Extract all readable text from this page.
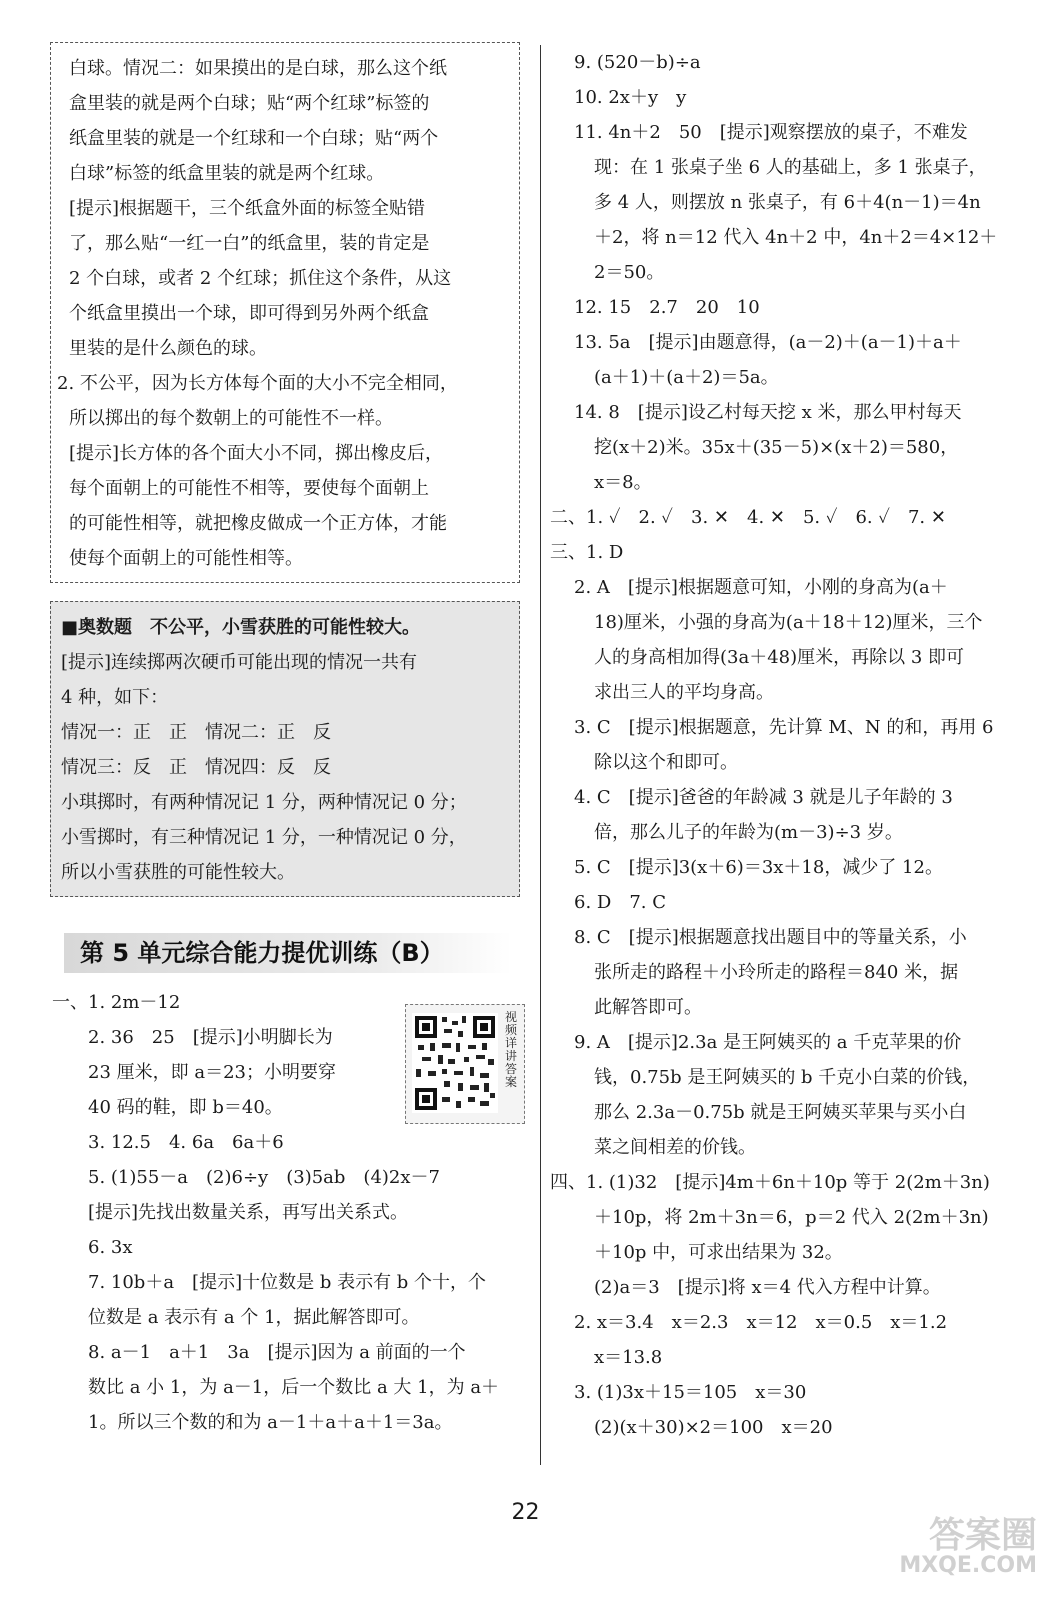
白球。情况二：如果摸出的是白球，那么这个纸
盒里装的就是两个白球；贴“两个红球”标签的
纸盒里装的就是一个红球和一个白球；贴“两个
白球”标签的纸盒里装的就是两个红球。
[提示]根据题干，三个纸盒外面的标签全贴错
了，那么贴“一红一白”的纸盒里，装的肯定是
2 个白球，或者 2 个红球；抓住这个条件，从这
个纸盒里摸出一个球，即可得到另外两个纸盒
里装的是什么颜色的球。
2. 不公平，因为长方体每个面的大小不完全相同，
所以掷出的每个数朝上的可能性不一样。
[提示]长方体的各个面大小不同，掷出橡皮后，
每个面朝上的可能性不相等，要使每个面朝上
的可能性相等，就把橡皮做成一个正方体，才能
使每个面朝上的可能性相等。
■奥数题　不公平，小雪获胜的可能性较大。
[提示]连续掷两次硬币可能出现的情况一共有
4 种，如下：
情况一：正　正　情况二：正　反
情况三：反　正　情况四：反　反
小琪掷时，有两种情况记 1 分，两种情况记 0 分；
小雪掷时，有三种情况记 1 分，一种情况记 0 分，
所以小雪获胜的可能性较大。
第 5 单元综合能力提优训练（B）
一、1. 2m－12
2. 36　25　[提示]小明脚长为
23 厘米，即 a＝23；小明要穿
40 码的鞋，即 b＝40。
3. 12.5　4. 6a　6a＋6
5. (1)55－a　(2)6÷y　(3)5ab　(4)2x－7
[提示]先找出数量关系，再写出关系式。
6. 3x
7. 10b＋a　[提示]十位数是 b 表示有 b 个十，个
位数是 a 表示有 a 个 1，据此解答即可。
8. a－1　a＋1　3a　[提示]因为 a 前面的一个
数比 a 小 1，为 a－1，后一个数比 a 大 1，为 a＋
1。所以三个数的和为 a－1＋a＋a＋1＝3a。
视频详讲答案
9. (520－b)÷a
10. 2x＋y　y
11. 4n＋2　50　[提示]观察摆放的桌子，不难发
现：在 1 张桌子坐 6 人的基础上，多 1 张桌子，
多 4 人，则摆放 n 张桌子，有 6＋4(n－1)＝4n
＋2，将 n＝12 代入 4n＋2 中，4n＋2＝4×12＋
2＝50。
12. 15　2.7　20　10
13. 5a　[提示]由题意得，(a－2)＋(a－1)＋a＋
(a＋1)＋(a＋2)＝5a。
14. 8　[提示]设乙村每天挖 x 米，那么甲村每天
挖(x＋2)米。35x＋(35－5)×(x＋2)＝580，
x＝8。
二、1. ✓　2. ✓　3. ✕　4. ✕　5. ✓　6. ✓　7. ✕
三、1. D
2. A　[提示]根据题意可知，小刚的身高为(a＋
18)厘米，小强的身高为(a＋18＋12)厘米，三个
人的身高相加得(3a＋48)厘米，再除以 3 即可
求出三人的平均身高。
3. C　[提示]根据题意，先计算 M、N 的和，再用 6
除以这个和即可。
4. C　[提示]爸爸的年龄减 3 就是儿子年龄的 3
倍，那么儿子的年龄为(m－3)÷3 岁。
5. C　[提示]3(x＋6)＝3x＋18，减少了 12。
6. D　7. C
8. C　[提示]根据题意找出题目中的等量关系，小
张所走的路程＋小玲所走的路程＝840 米，据
此解答即可。
9. A　[提示]2.3a 是王阿姨买的 a 千克苹果的价
钱，0.75b 是王阿姨买的 b 千克小白菜的价钱，
那么 2.3a－0.75b 就是王阿姨买苹果与买小白
菜之间相差的价钱。
四、1. (1)32　[提示]4m＋6n＋10p 等于 2(2m＋3n)
＋10p，将 2m＋3n＝6，p＝2 代入 2(2m＋3n)
＋10p 中，可求出结果为 32。
(2)a＝3　[提示]将 x＝4 代入方程中计算。
2. x＝3.4　x＝2.3　x＝12　x＝0.5　x＝1.2
x＝13.8
3. (1)3x＋15＝105　x＝30
(2)(x＋30)×2＝100　x＝20
22
答案圈
MXQE.COM
